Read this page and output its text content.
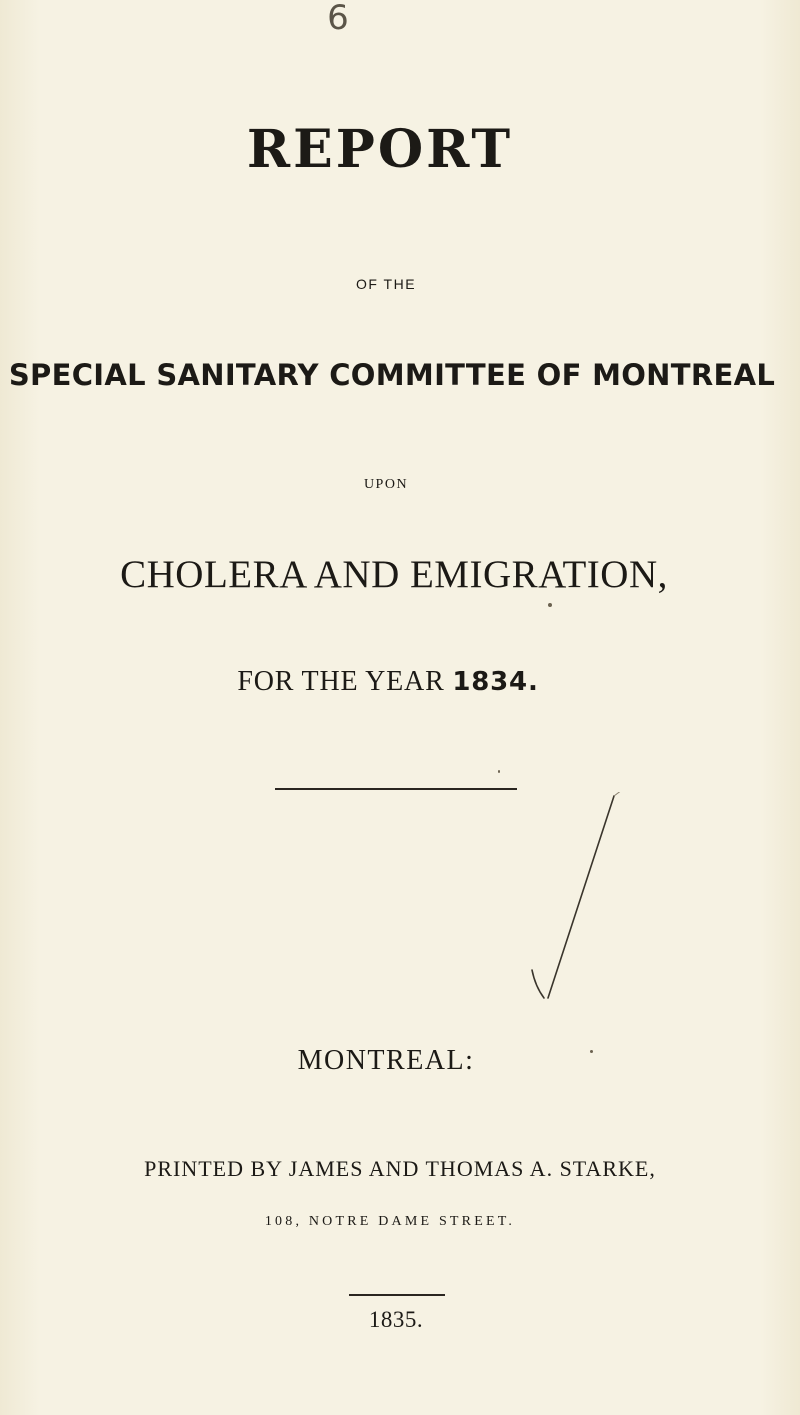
6
REPORT
OF THE
SPECIAL SANITARY COMMITTEE OF MONTREAL
UPON
CHOLERA AND EMIGRATION,
FOR THE YEAR 1834.
MONTREAL:
PRINTED BY JAMES AND THOMAS A. STARKE,
108, NOTRE DAME STREET.
1835.
